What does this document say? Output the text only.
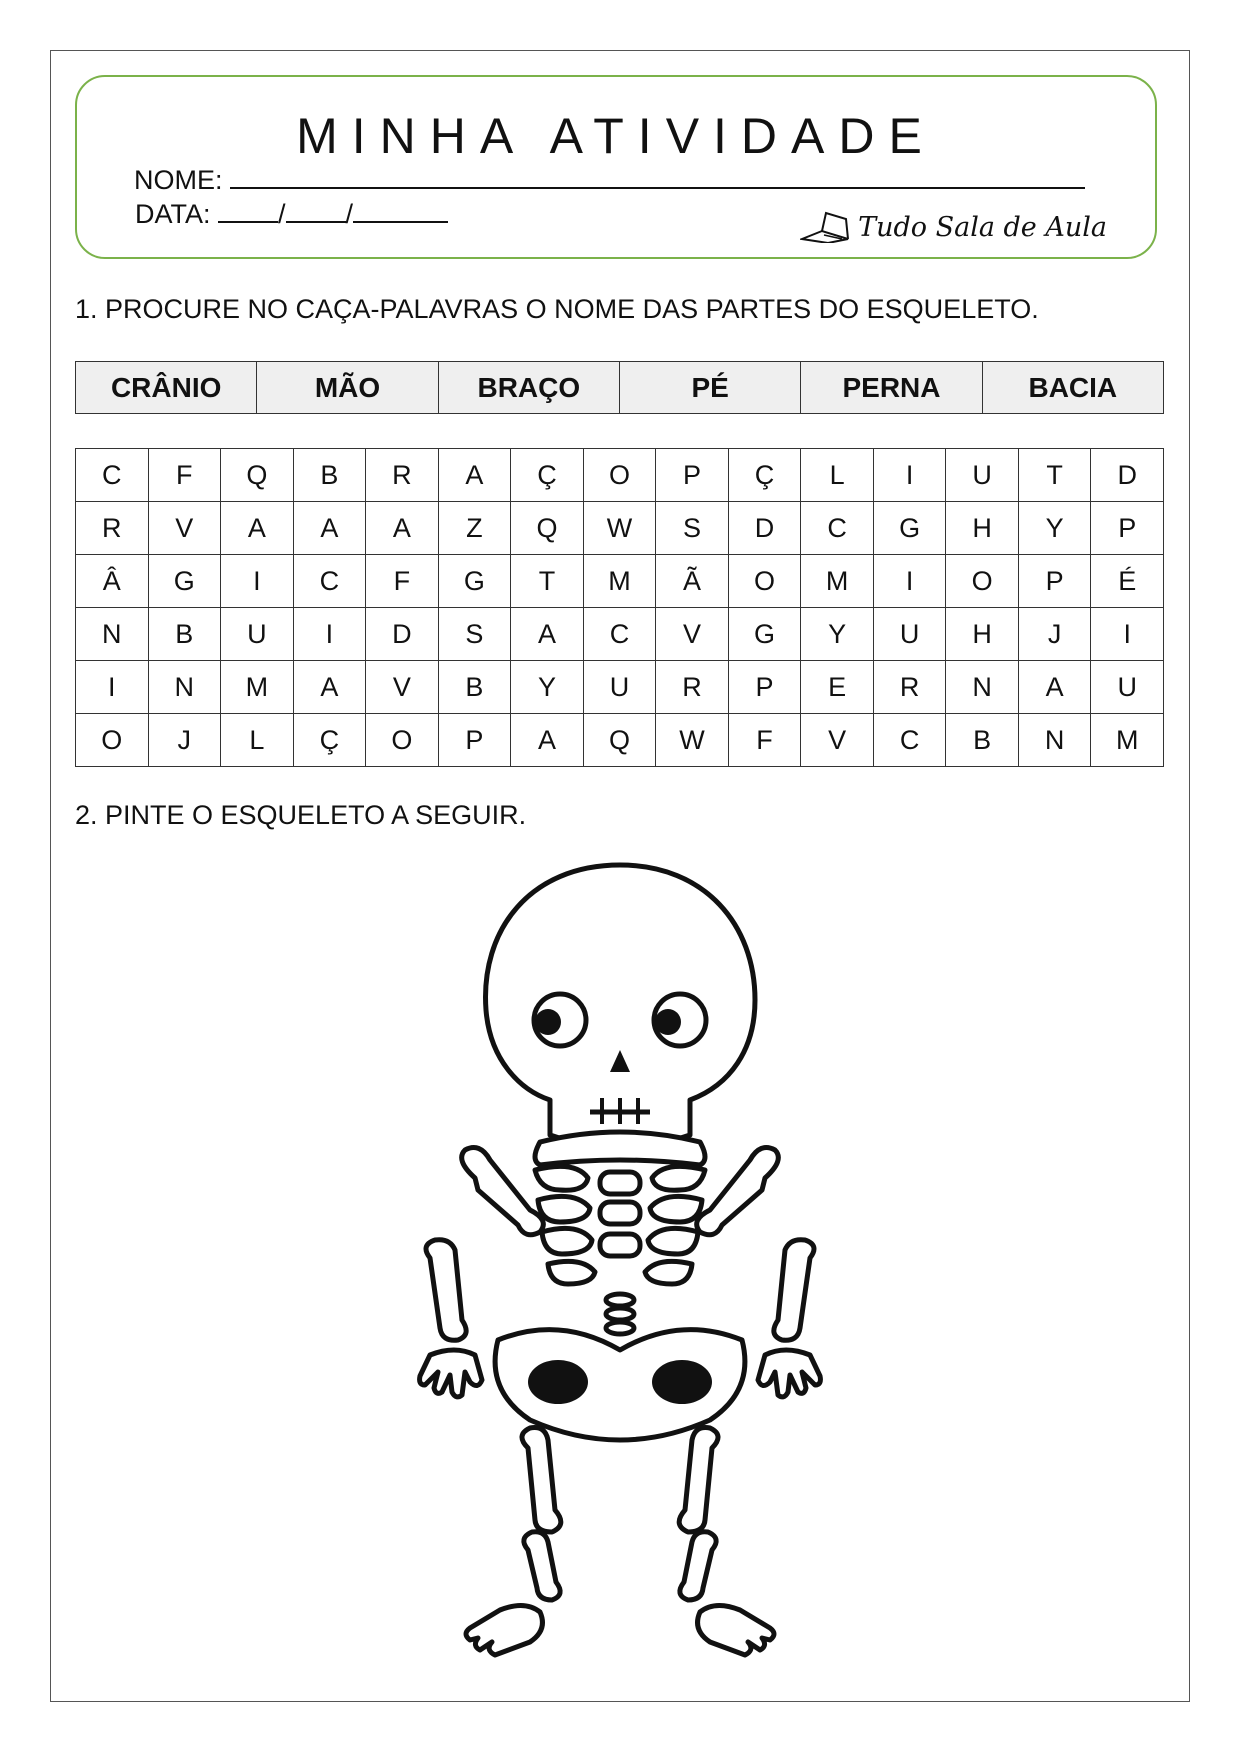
MINHA ATIVIDADE
NOME:
DATA:	/ /	Tudo Sala de Aula
1. PROCURE NO CAÇA-PALAVRAS O NOME DAS PARTES DO ESQUELETO.
CRÂNIO	MÃO	BRAÇO	PÉ	PERNA	BACIA
C	F	Q	B	R	A	Ç	O	P	Ç	L	I	U	T	D
R	V	A	A	A	Z	Q	W	S	D	C	G	H	Y	P
Â	G	I	C	F	G	T	M	Ã	O	M	I	O	P	É
N	B	U	I	D	S	A	C	V	G	Y	U	H	J	I
I	N	M	A	V	B	Y	U	R	P	E	R	N	A	U
O	J	L	Ç	O	P	A	Q	W	F	V	C	B	N	M
2. PINTE O ESQUELETO A SEGUIR.
